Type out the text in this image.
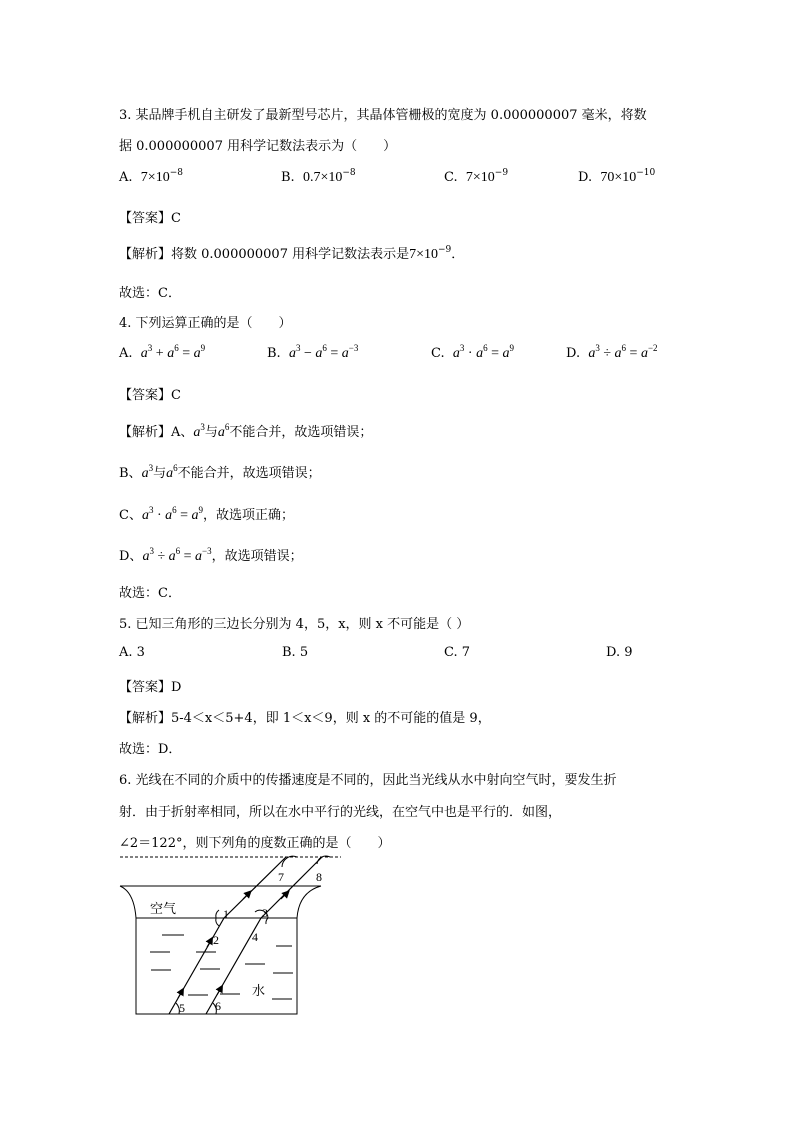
3. 某品牌手机自主研发了最新型号芯片，其晶体管栅极的宽度为 0.000000007 毫米，将数
据 0.000000007 用科学记数法表示为（　　）
A. $7\times 10^{-8}$	B. $0.7\times 10^{-8}$	C. $7\times 10^{-9}$	D. $70\times 10^{-10}$
【答案】C
【解析】将数 0.000000007 用科学记数法表示是$7\times 10^{-9}$．
故选：C．
4. 下列运算正确的是（　　）
A. $a^3 + a^6 = a^9$	B. $a^3 - a^6 = a^{-3}$	C. $a^3 \cdot a^6 = a^9$	D. $a^3 \div a^6 = a^{-2}$
【答案】C
【解析】A、$a^3$与$a^6$不能合并，故选项错误；
B、$a^3$与$a^6$不能合并，故选项错误；
C、$a^3 \cdot a^6 = a^9$，故选项正确；
D、$a^3 \div a^6 = a^{-3}$，故选项错误；
故选：C．
5. 已知三角形的三边长分别为 4，5，x，则 x 不可能是（ ）
A. 3	B. 5	C. 7	D. 9
【答案】D
【解析】5-4＜x＜5+4，即 1＜x＜9，则 x 的不可能的值是 9，
故选：D．
6. 光线在不同的介质中的传播速度是不同的，因此当光线从水中射向空气时，要发生折
射．由于折射率相同，所以在水中平行的光线，在空气中也是平行的．如图，
∠2＝122°，则下列角的度数正确的是（　　）
空气
水
1
2
3
4
5	6
7	8
